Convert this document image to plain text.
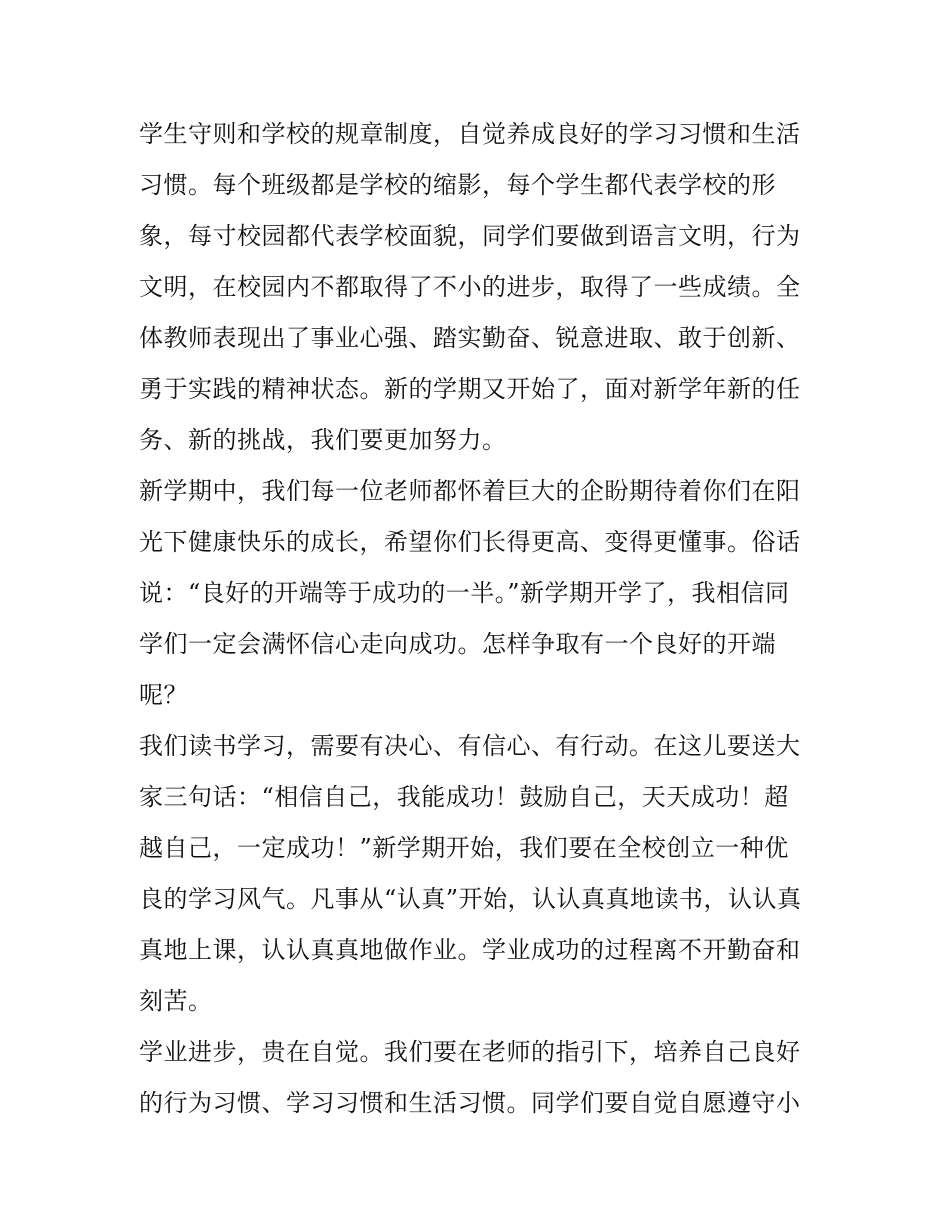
学生守则和学校的规章制度，自觉养成良好的学习习惯和生活
习惯。每个班级都是学校的缩影，每个学生都代表学校的形
象，每寸校园都代表学校面貌，同学们要做到语言文明，行为
文明，在校园内不都取得了不小的进步，取得了一些成绩。全
体教师表现出了事业心强、踏实勤奋、锐意进取、敢于创新、
勇于实践的精神状态。新的学期又开始了，面对新学年新的任
务、新的挑战，我们要更加努力。
新学期中，我们每一位老师都怀着巨大的企盼期待着你们在阳
光下健康快乐的成长，希望你们长得更高、变得更懂事。俗话
说：“良好的开端等于成功的一半。”新学期开学了，我相信同
学们一定会满怀信心走向成功。怎样争取有一个良好的开端
呢？
我们读书学习，需要有决心、有信心、有行动。在这儿要送大
家三句话：“相信自己，我能成功！鼓励自己，天天成功！超
越自己，一定成功！”新学期开始，我们要在全校创立一种优
良的学习风气。凡事从“认真”开始，认认真真地读书，认认真
真地上课，认认真真地做作业。学业成功的过程离不开勤奋和
刻苦。
学业进步，贵在自觉。我们要在老师的指引下，培养自己良好
的行为习惯、学习习惯和生活习惯。同学们要自觉自愿遵守小
